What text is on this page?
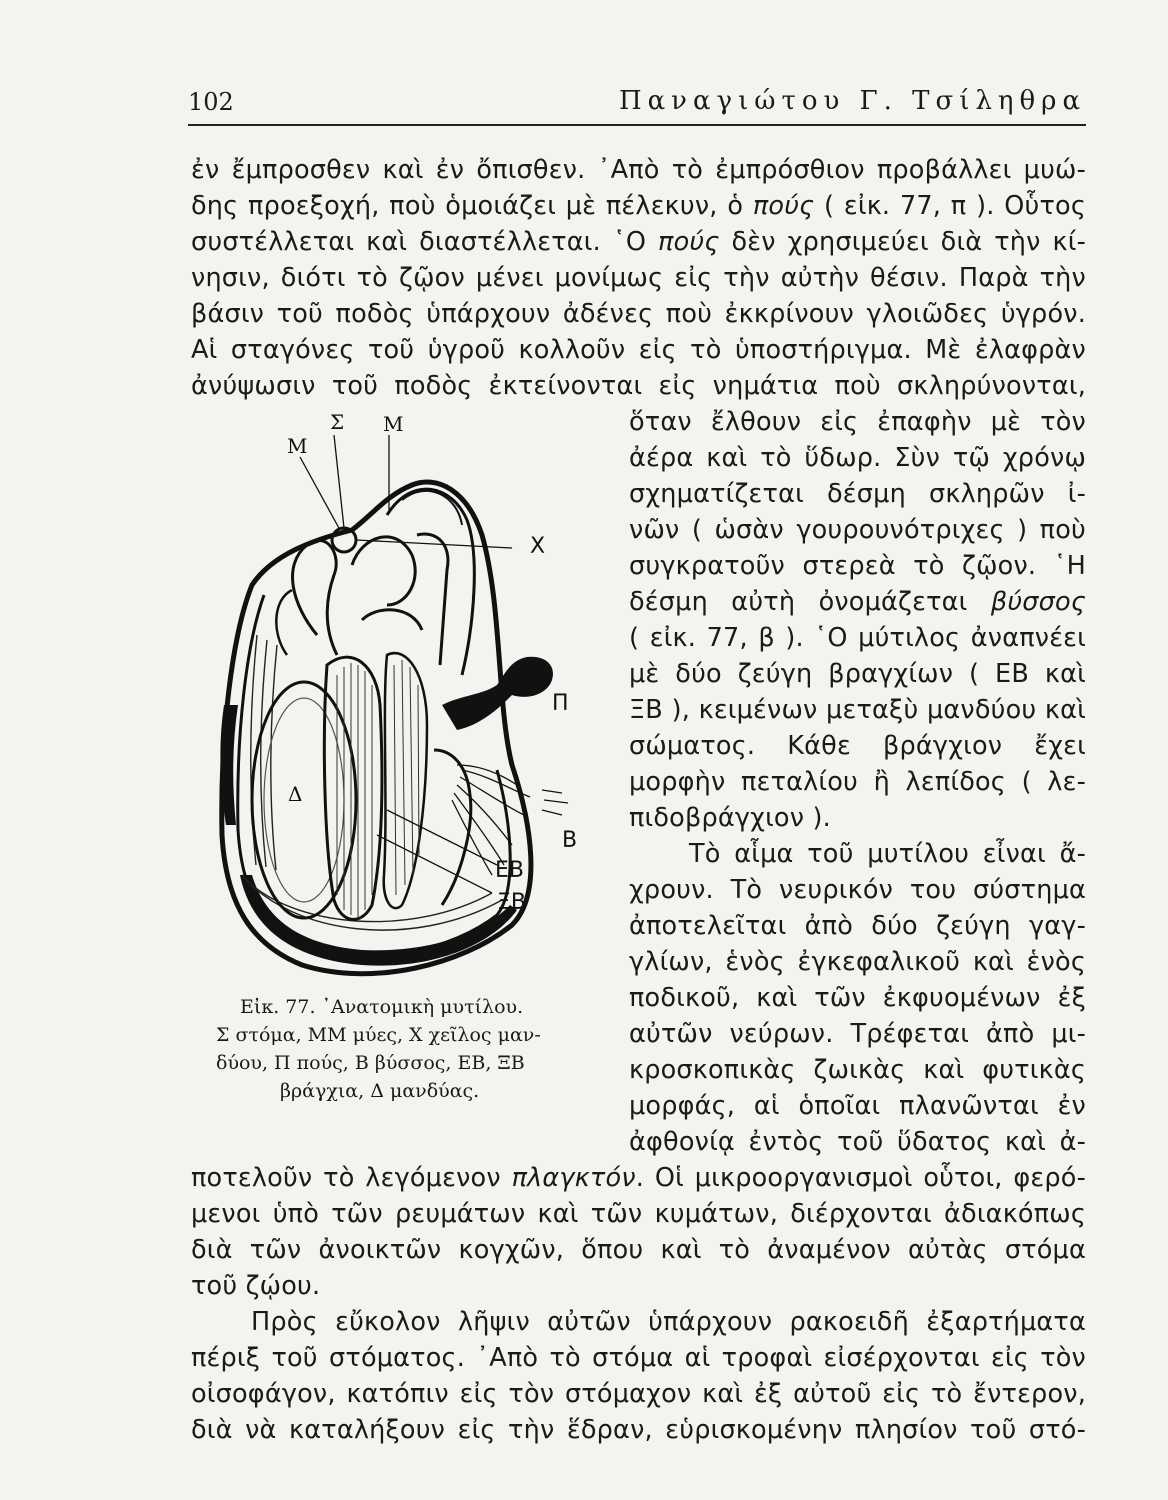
102	Παναγιώτου Γ. Τσίληθρα
ἐν ἔμπροσθεν καὶ ἐν ὄπισθεν. ᾿Απὸ τὸ ἐμπρόσθιον προβάλλει μυώ-
δης προεξοχή, ποὺ ὁμοιάζει μὲ πέλεκυν, ὁ πούς ( εἰκ. 77, π ). Οὗτος
συστέλλεται καὶ διαστέλλεται. ῾Ο πούς δὲν χρησιμεύει διὰ τὴν κί-
νησιν, διότι τὸ ζῷον μένει μονίμως εἰς τὴν αὐτὴν θέσιν. Παρὰ τὴν
βάσιν τοῦ ποδὸς ὑπάρχουν ἀδένες ποὺ ἐκκρίνουν γλοιῶδες ὑγρόν.
Αἱ σταγόνες τοῦ ὑγροῦ κολλοῦν εἰς τὸ ὑποστήριγμα. Μὲ ἐλαφρὰν
ἀνύψωσιν τοῦ ποδὸς ἐκτείνονται εἰς νημάτια ποὺ σκληρύνονται,
ὅταν ἔλθουν εἰς ἐπαφὴν μὲ τὸν
ἀέρα καὶ τὸ ὕδωρ. Σὺν τῷ χρόνῳ
σχηματίζεται δέσμη σκληρῶν ἰ-
νῶν ( ὡσὰν γουρουνότριχες ) ποὺ
συγκρατοῦν στερεὰ τὸ ζῷον. ῾Η
δέσμη αὐτὴ ὀνομάζεται βύσσος
( εἰκ. 77, β ). ῾Ο μύτιλος ἀναπνέει
μὲ δύο ζεύγη βραγχίων ( ΕΒ καὶ
ΞΒ ), κειμένων μεταξὺ μανδύου καὶ
σώματος. Κάθε βράγχιον ἔχει
μορφὴν πεταλίου ἢ λεπίδος ( λε-
πιδοβράγχιον ).
Τὸ αἷμα τοῦ μυτίλου εἶναι ἄ-
χρουν. Τὸ νευρικόν του σύστημα
ἀποτελεῖται ἀπὸ δύο ζεύγη γαγ-
γλίων, ἑνὸς ἐγκεφαλικοῦ καὶ ἑνὸς
ποδικοῦ, καὶ τῶν ἐκφυομένων ἐξ
αὐτῶν νεύρων. Τρέφεται ἀπὸ μι-
κροσκοπικὰς ζωικὰς καὶ φυτικὰς
μορφάς, αἱ ὁποῖαι πλανῶνται ἐν
ἀφθονίᾳ ἐντὸς τοῦ ὕδατος καὶ ἀ-
Μ
Σ Μ
Χ
Π
Δ
Β
ΕΒ
ΞΒ
Εἰκ. 77. ᾿Ανατομικὴ μυτίλου.
Σ στόμα, ΜΜ μύες, Χ χεῖλος μαν-
δύου, Π πούς, Β βύσσος, ΕΒ, ΞΒ
βράγχια, Δ μανδύας.
ποτελοῦν τὸ λεγόμενον πλαγκτόν. Οἱ μικροοργανισμοὶ οὗτοι, φερό-
μενοι ὑπὸ τῶν ρευμάτων καὶ τῶν κυμάτων, διέρχονται ἀδιακόπως
διὰ τῶν ἀνοικτῶν κογχῶν, ὅπου καὶ τὸ ἀναμένον αὐτὰς στόμα
τοῦ ζῴου.
Πρὸς εὔκολον λῆψιν αὐτῶν ὑπάρχουν ρακοειδῆ ἐξαρτήματα
πέριξ τοῦ στόματος. ᾿Απὸ τὸ στόμα αἱ τροφαὶ εἰσέρχονται εἰς τὸν
οἰσοφάγον, κατόπιν εἰς τὸν στόμαχον καὶ ἐξ αὐτοῦ εἰς τὸ ἔντερον,
διὰ νὰ καταλήξουν εἰς τὴν ἕδραν, εὑρισκομένην πλησίον τοῦ στό-
